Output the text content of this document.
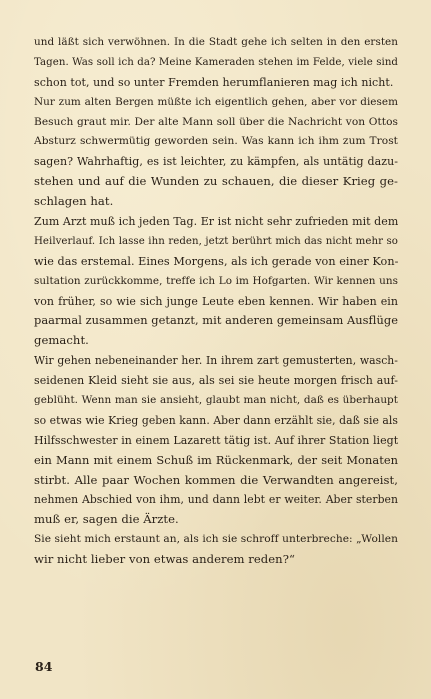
und läßt sich verwöhnen. In die Stadt gehe ich selten in den ersten
Tagen. Was soll ich da? Meine Kameraden stehen im Felde, viele sind
schon tot, und so unter Fremden herumflanieren mag ich nicht.
Nur zum alten Bergen müßte ich eigentlich gehen, aber vor diesem
Besuch graut mir. Der alte Mann soll über die Nachricht von Ottos
Absturz schwermütig geworden sein. Was kann ich ihm zum Trost
sagen? Wahrhaftig, es ist leichter, zu kämpfen, als untätig dazu-
stehen und auf die Wunden zu schauen, die dieser Krieg ge-
schlagen hat.
Zum Arzt muß ich jeden Tag. Er ist nicht sehr zufrieden mit dem
Heilverlauf. Ich lasse ihn reden, jetzt berührt mich das nicht mehr so
wie das erstemal. Eines Morgens, als ich gerade von einer Kon-
sultation zurückkomme, treffe ich Lo im Hofgarten. Wir kennen uns
von früher, so wie sich junge Leute eben kennen. Wir haben ein
paarmal zusammen getanzt, mit anderen gemeinsam Ausflüge
gemacht.
Wir gehen nebeneinander her. In ihrem zart gemusterten, wasch-
seidenen Kleid sieht sie aus, als sei sie heute morgen frisch auf-
geblüht. Wenn man sie ansieht, glaubt man nicht, daß es überhaupt
so etwas wie Krieg geben kann. Aber dann erzählt sie, daß sie als
Hilfsschwester in einem Lazarett tätig ist. Auf ihrer Station liegt
ein Mann mit einem Schuß im Rückenmark, der seit Monaten
stirbt. Alle paar Wochen kommen die Verwandten angereist,
nehmen Abschied von ihm, und dann lebt er weiter. Aber sterben
muß er, sagen die Ärzte.
Sie sieht mich erstaunt an, als ich sie schroff unterbreche: „Wollen
wir nicht lieber von etwas anderem reden?“
84
